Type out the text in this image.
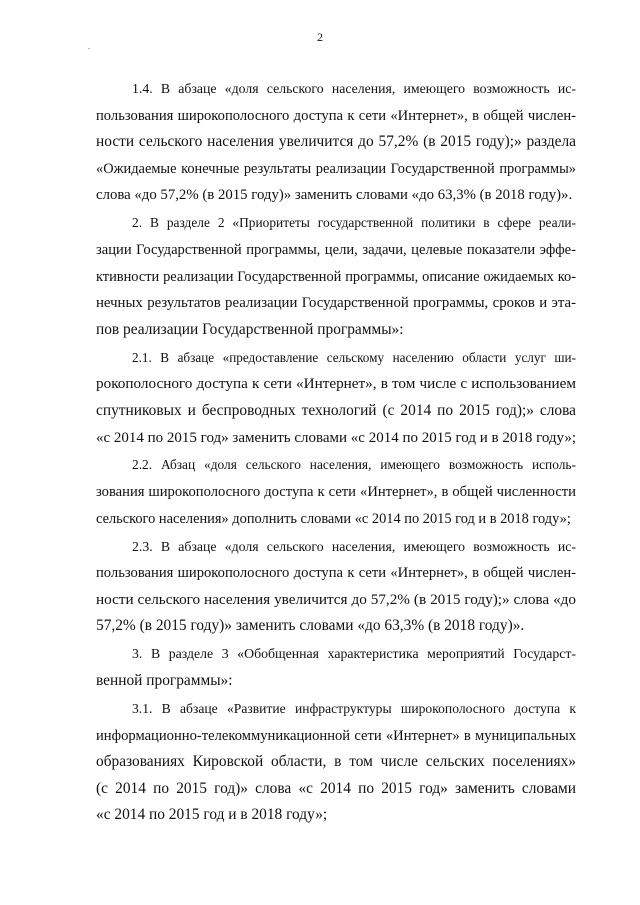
2
1.4. В абзаце «доля сельского населения, имеющего возможность ис-
пользования широкополосного доступа к сети «Интернет», в общей числен-
ности сельского населения увеличится до 57,2% (в 2015 году);» раздела
«Ожидаемые конечные результаты реализации Государственной программы»
слова «до 57,2% (в 2015 году)» заменить словами «до 63,3% (в 2018 году)».
2. В разделе 2 «Приоритеты государственной политики в сфере реали-
зации Государственной программы, цели, задачи, целевые показатели эффе-
ктивности реализации Государственной программы, описание ожидаемых ко-
нечных результатов реализации Государственной программы, сроков и эта-
пов реализации Государственной программы»:
2.1. В абзаце «предоставление сельскому населению области услуг ши-
рокополосного доступа к сети «Интернет», в том числе с использованием
спутниковых и беспроводных технологий (с 2014 по 2015 год);» слова
«с 2014 по 2015 год» заменить словами «с 2014 по 2015 год и в 2018 году»;
2.2. Абзац «доля сельского населения, имеющего возможность исполь-
зования широкополосного доступа к сети «Интернет», в общей численности
сельского населения» дополнить словами «с 2014 по 2015 год и в 2018 году»;
2.3. В абзаце «доля сельского населения, имеющего возможность ис-
пользования широкополосного доступа к сети «Интернет», в общей числен-
ности сельского населения увеличится до 57,2% (в 2015 году);» слова «до
57,2% (в 2015 году)» заменить словами «до 63,3% (в 2018 году)».
3. В разделе 3 «Обобщенная характеристика мероприятий Государст-
венной программы»:
3.1. В абзаце «Развитие инфраструктуры широкополосного доступа к
информационно-телекоммуникационной сети «Интернет» в муниципальных
образованиях Кировской области, в том числе сельских поселениях»
(с 2014 по 2015 год)» слова «с 2014 по 2015 год» заменить словами
«с 2014 по 2015 год и в 2018 году»;
